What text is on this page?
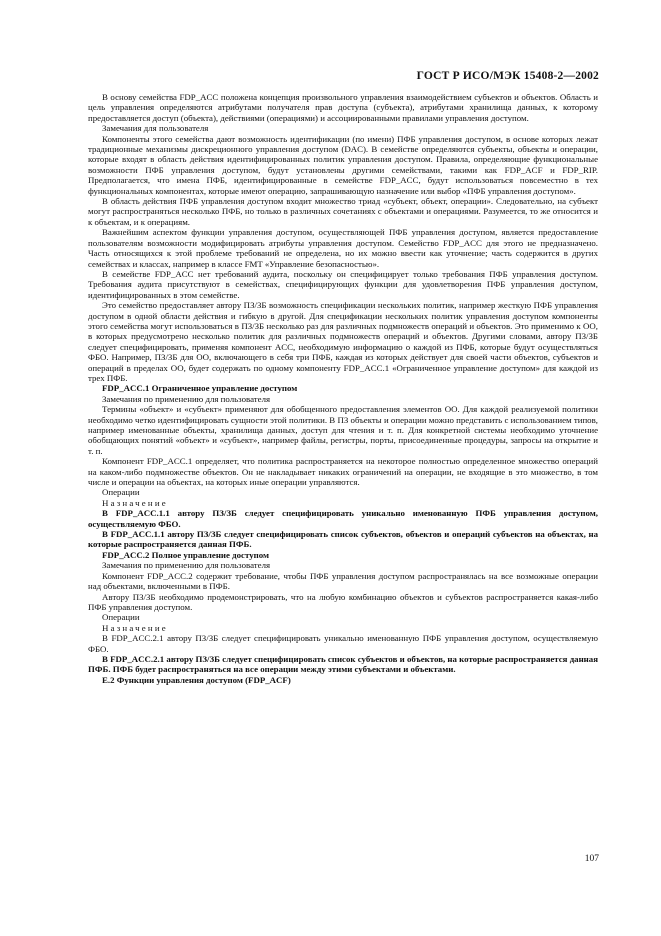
ГОСТ Р ИСО/МЭК 15408-2—2002

В основу семейства FDP_ACC положена концепция произвольного управления взаимодействием субъектов и объектов. Область и цель управления определяются атрибутами получателя прав доступа (субъекта), атрибутами хранилища данных, к которому предоставляется доступ (объекта), действиями (операциями) и ассоциированными правилами управления доступом.

Замечания для пользователя

Компоненты этого семейства дают возможность идентификации (по имени) ПФБ управления доступом, в основе которых лежат традиционные механизмы дискреционного управления доступом (DAC). В семействе определяются субъекты, объекты и операции, которые входят в область действия идентифицированных политик управления доступом. Правила, определяющие функциональные возможности ПФБ управления доступом, будут установлены другими семействами, такими как FDP_ACF и FDP_RIP. Предполагается, что имена ПФБ, идентифицированные в семействе FDP_ACC, будут использоваться повсеместно в тех функциональных компонентах, которые имеют операцию, запрашивающую назначение или выбор «ПФБ управления доступом».

В область действия ПФБ управления доступом входит множество триад «субъект, объект, операции». Следовательно, на субъект могут распространяться несколько ПФБ, но только в различных сочетаниях с объектами и операциями. Разумеется, то же относится и к объектам, и к операциям.

Важнейшим аспектом функции управления доступом, осуществляющей ПФБ управления доступом, является предоставление пользователям возможности модифицировать атрибуты управления доступом. Семейство FDP_ACC для этого не предназначено. Часть относящихся к этой проблеме требований не определена, но их можно ввести как уточнение; часть содержится в других семействах и классах, например в классе FMT «Управление безопасностью».

В семействе FDP_ACC нет требований аудита, поскольку он специфицирует только требования ПФБ управления доступом. Требования аудита присутствуют в семействах, специфицирующих функции для удовлетворения ПФБ управления доступом, идентифицированных в этом семействе.

Это семейство предоставляет автору ПЗ/ЗБ возможность спецификации нескольких политик, например жесткую ПФБ управления доступом в одной области действия и гибкую в другой. Для спецификации нескольких политик управления доступом компоненты этого семейства могут использоваться в ПЗ/ЗБ несколько раз для различных подмножеств операций и объектов. Это применимо к ОО, в которых предусмотрено несколько политик для различных подмножеств операций и объектов. Другими словами, автору ПЗ/ЗБ следует специфицировать, применяя компонент ACC, необходимую информацию о каждой из ПФБ, которые будут осуществляться ФБО. Например, ПЗ/ЗБ для ОО, включающего в себя три ПФБ, каждая из которых действует для своей части объектов, субъектов и операций в пределах ОО, будет содержать по одному компоненту FDP_ACC.1 «Ограниченное управление доступом» для каждой из трех ПФБ.

FDP_ACC.1 Ограниченное управление доступом

Замечания по применению для пользователя

Термины «объект» и «субъект» применяют для обобщенного предоставления элементов ОО. Для каждой реализуемой политики необходимо четко идентифицировать сущности этой политики. В ПЗ объекты и операции можно представить с использованием типов, например именованные объекты, хранилища данных, доступ для чтения и т. п. Для конкретной системы необходимо уточнение обобщающих понятий «объект» и «субъект», например файлы, регистры, порты, присоединенные процедуры, запросы на открытие и т. п.

Компонент FDP_ACC.1 определяет, что политика распространяется на некоторое полностью определенное множество операций на каком-либо подмножестве объектов. Он не накладывает никаких ограничений на операции, не входящие в это множество, в том числе и операции на объектах, на которых иные операции управляются.

Операции

Назначение

В FDP_ACC.1.1 автору ПЗ/ЗБ следует специфицировать уникально именованную ПФБ управления доступом, осуществляемую ФБО.

В FDP_ACC.1.1 автору ПЗ/ЗБ следует специфицировать список субъектов, объектов и операций субъектов на объектах, на которые распространяется данная ПФБ.

FDP_ACC.2 Полное управление доступом

Замечания по применению для пользователя

Компонент FDP_ACC.2 содержит требование, чтобы ПФБ управления доступом распространялась на все возможные операции над объектами, включенными в ПФБ.

Автору ПЗ/ЗБ необходимо продемонстрировать, что на любую комбинацию объектов и субъектов распространяется какая-либо ПФБ управления доступом.

Операции

Назначение

В FDP_ACC.2.1 автору ПЗ/ЗБ следует специфицировать уникально именованную ПФБ управления доступом, осуществляемую ФБО.

В FDP_ACC.2.1 автору ПЗ/ЗБ следует специфицировать список субъектов и объектов, на которые распространяется данная ПФБ. ПФБ будет распространяться на все операции между этими субъектами и объектами.

Е.2 Функции управления доступом (FDP_ACF)

107
